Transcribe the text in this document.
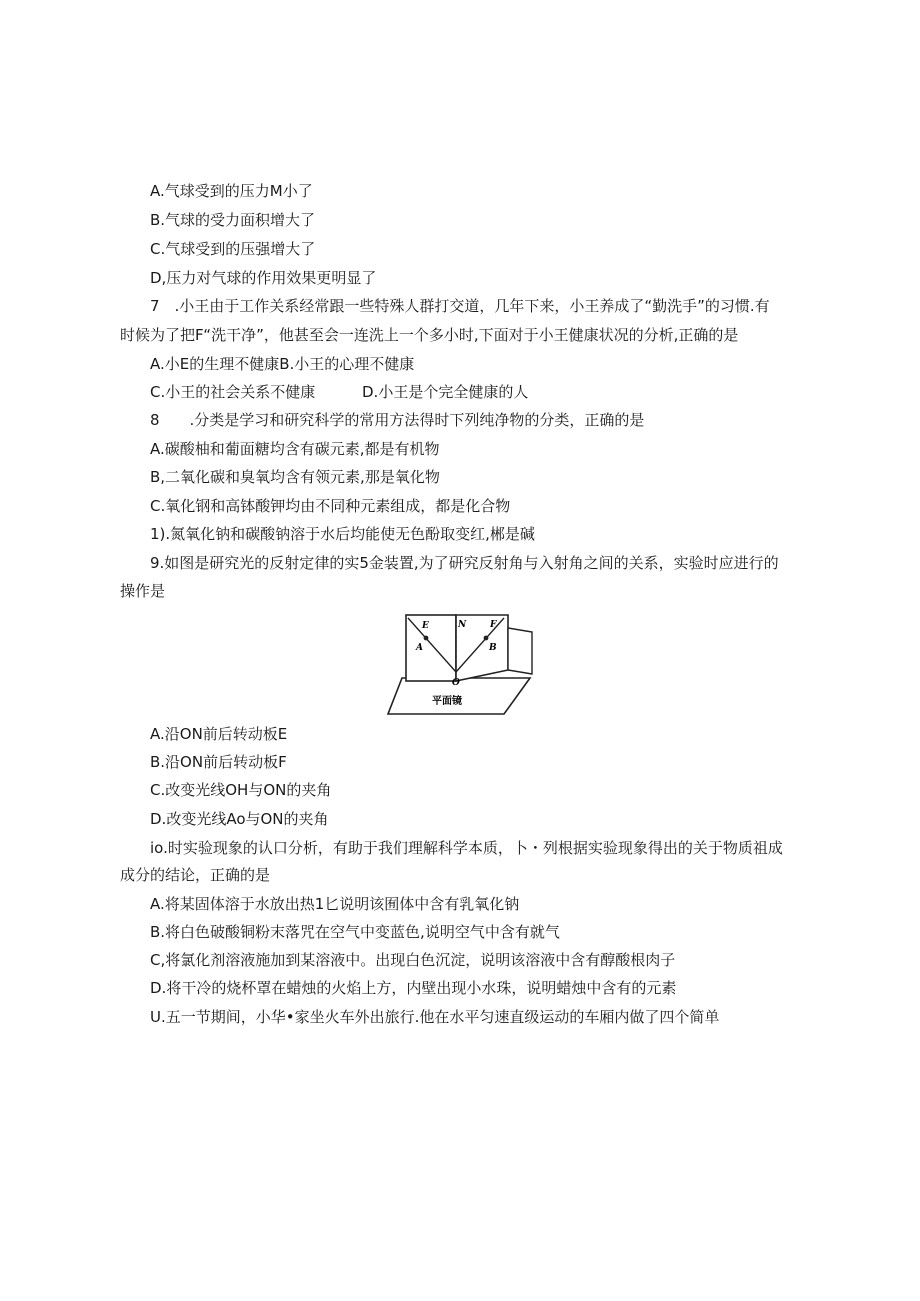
A.气球受到的压力M小了
B.气球的受力面积增大了
C.气球受到的压强增大了
D,压力对气球的作用效果更明显了
7　.小王由于工作关系经常跟一些特殊人群打交道，几年下来，小王养成了“勤洗手”的习惯.有
时候为了把F“洗干净”，他甚至会一连洗上一个多小时,下面对于小王健康状况的分析,正确的是
A.小E的生理不健康B.小王的心理不健康
C.小王的社会关系不健康	D.小王是个完全健康的人
8　　.分类是学习和研究科学的常用方法得时下列纯净物的分类，正确的是
A.碳酸柚和葡面糖均含有碳元素,都是有机物
B,二氧化碳和臭氧均含有领元素,那是氧化物
C.氧化钢和高钵酸钾均由不同种元素组成，都是化合物
1).氮氧化钠和碳酸钠溶于水后均能使无色酚取变红,郴是碱
9.如图是研究光的反射定律的实5金装置,为了研究反射角与入射角之间的关系，实验时应进行的
操作是
E	N	F
A	B
O
平面镜
A.沿ON前后转动板E
B.沿ON前后转动板F
C.改变光线OH与ON的夹角
D.改变光线Ao与ON的夹角
io.时实验现象的认口分析，有助于我们理解科学本质，卜・列根据实验现象得出的关于物质祖成
成分的结论，正确的是
A.将某固体溶于水放出热1匕说明该囿体中含有乳氧化钠
B.将白色破酸铜粉末落咒在空气中变蓝色,说明空气中含有就气
C,将氯化剂溶液施加到某溶液中。出现白色沉淀，说明该溶液中含有醇酸根肉子
D.将干冷的烧杯罩在蜡烛的火焰上方，内壁出现小水珠，说明蜡烛中含有的元素
U.五一节期间，小华•家坐火车外出旅行.他在水平匀速直级运动的车厢内做了四个简单
